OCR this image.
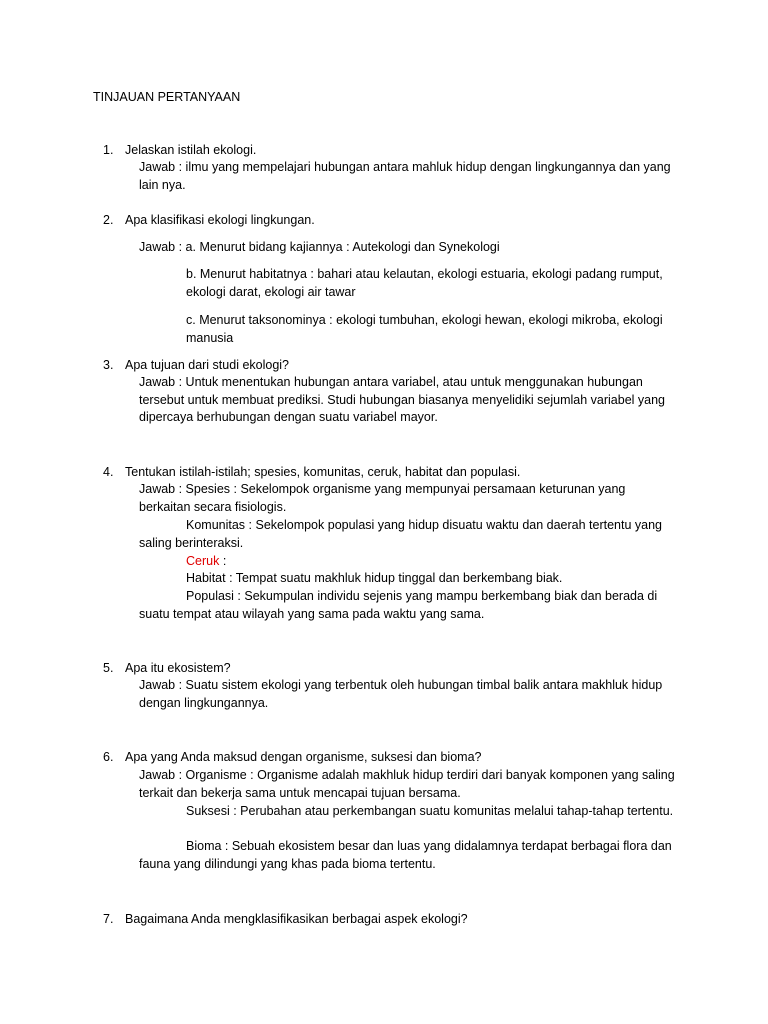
TINJAUAN PERTANYAAN
1. Jelaskan istilah ekologi.

Jawab : ilmu yang mempelajari hubungan antara mahluk hidup dengan lingkungannya dan yang lain nya.

2. Apa klasifikasi ekologi lingkungan.

Jawab : a. Menurut bidang kajiannya : Autekologi dan Synekologi

b. Menurut habitatnya : bahari atau kelautan, ekologi estuaria, ekologi padang rumput, ekologi darat, ekologi air tawar

c. Menurut taksonominya : ekologi tumbuhan, ekologi hewan, ekologi mikroba, ekologi manusia

3. Apa tujuan dari studi ekologi?

Jawab : Untuk menentukan hubungan antara variabel, atau untuk menggunakan hubungan tersebut untuk membuat prediksi. Studi hubungan biasanya menyelidiki sejumlah variabel yang dipercaya berhubungan dengan suatu variabel mayor.

4. Tentukan istilah-istilah; spesies, komunitas, ceruk, habitat dan populasi.

Jawab : Spesies : Sekelompok organisme yang mempunyai persamaan keturunan yang berkaitan secara fisiologis.

Komunitas : Sekelompok populasi yang hidup disuatu waktu dan daerah tertentu yang saling berinteraksi.

Ceruk :

Habitat : Tempat suatu makhluk hidup tinggal dan berkembang biak.

Populasi : Sekumpulan individu sejenis yang mampu berkembang biak dan berada di suatu tempat atau wilayah yang sama pada waktu yang sama.

5. Apa itu ekosistem?

Jawab : Suatu sistem ekologi yang terbentuk oleh hubungan timbal balik antara makhluk hidup dengan lingkungannya.

6. Apa yang Anda maksud dengan organisme, suksesi dan bioma?

Jawab : Organisme : Organisme adalah makhluk hidup terdiri dari banyak komponen yang saling terkait dan bekerja sama untuk mencapai tujuan bersama.

Suksesi : Perubahan atau perkembangan suatu komunitas melalui tahap-tahap tertentu.

Bioma : Sebuah ekosistem besar dan luas yang didalamnya terdapat berbagai flora dan fauna yang dilindungi yang khas pada bioma tertentu.

7. Bagaimana Anda mengklasifikasikan berbagai aspek ekologi?
